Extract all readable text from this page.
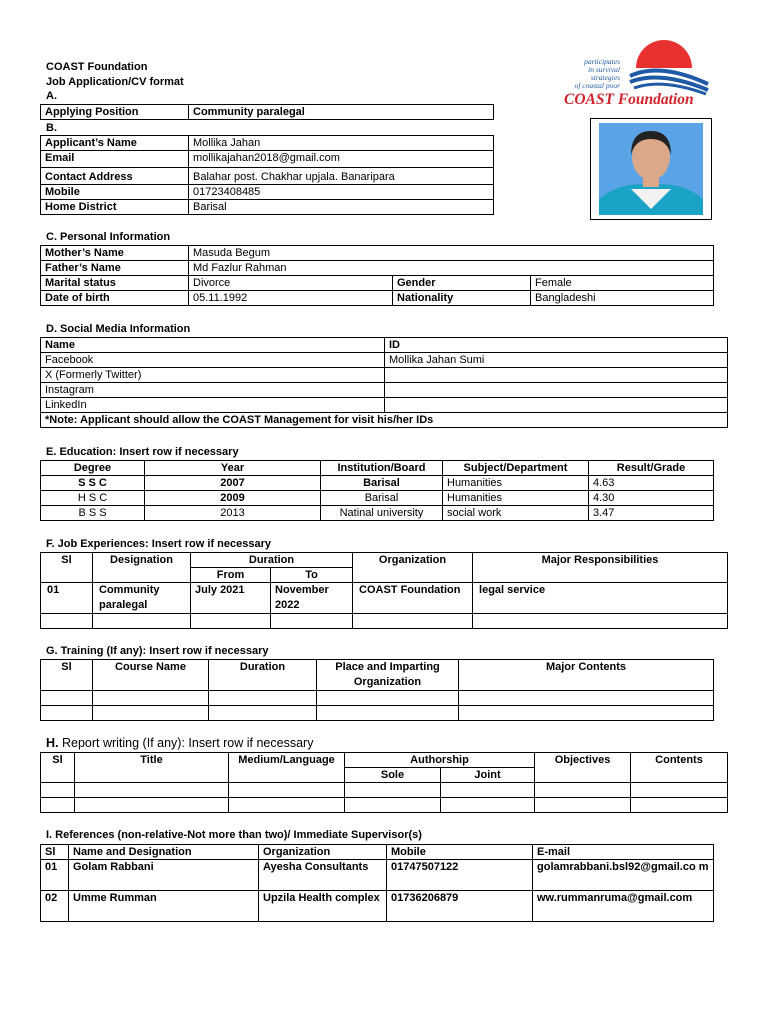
COAST Foundation
Job Application/CV format
A.
participates
in survival strategies
of coastal poor
COAST Foundation
Applying Position	Community paralegal
B.
Applicant’s Name	Mollika Jahan
Email	mollikajahan2018@gmail.com
Contact Address	Balahar post. Chakhar upjala. Banaripara
Mobile	01723408485
Home District	Barisal
C. Personal Information
Mother’s Name	Masuda Begum		
Father’s Name	Md Fazlur Rahman		
Marital status	Divorce	Gender	Female
Date of birth	05.11.1992	Nationality	Bangladeshi
D. Social Media Information
Name	ID
Facebook	Mollika Jahan Sumi
X (Formerly Twitter)	
Instagram	
LinkedIn	
*Note: Applicant should allow the COAST Management for visit his/her IDs	
E. Education: Insert row if necessary
Degree	Year	Institution/Board	Subject/Department	Result/Grade
S S C	2007	Barisal	Humanities	4.63
H S C	2009	Barisal	Humanities	4.30
B S S	2013	Natinal university	social work	3.47
F. Job Experiences: Insert row if necessary
Sl	Designation	Duration		Organization	Major Responsibilities
		From	To		
01	Community paralegal	July 2021	November 2022	COAST Foundation	legal service

G. Training (If any): Insert row if necessary
Sl	Course Name	Duration	Place and Imparting Organization	Major Contents

H. Report writing (If any): Insert row if necessary
Sl	Title	Medium/Language	Authorship		Objectives	Contents
			Sole	Joint		

I. References (non-relative-Not more than two)/ Immediate Supervisor(s)
Sl	Name and Designation	Organization	Mobile	E-mail
01	Golam Rabbani	Ayesha Consultants	01747507122	golamrabbani.bsl92@gmail.co m
02	Umme Rumman	Upzila Health complex	01736206879	ww.rummanruma@gmail.com
